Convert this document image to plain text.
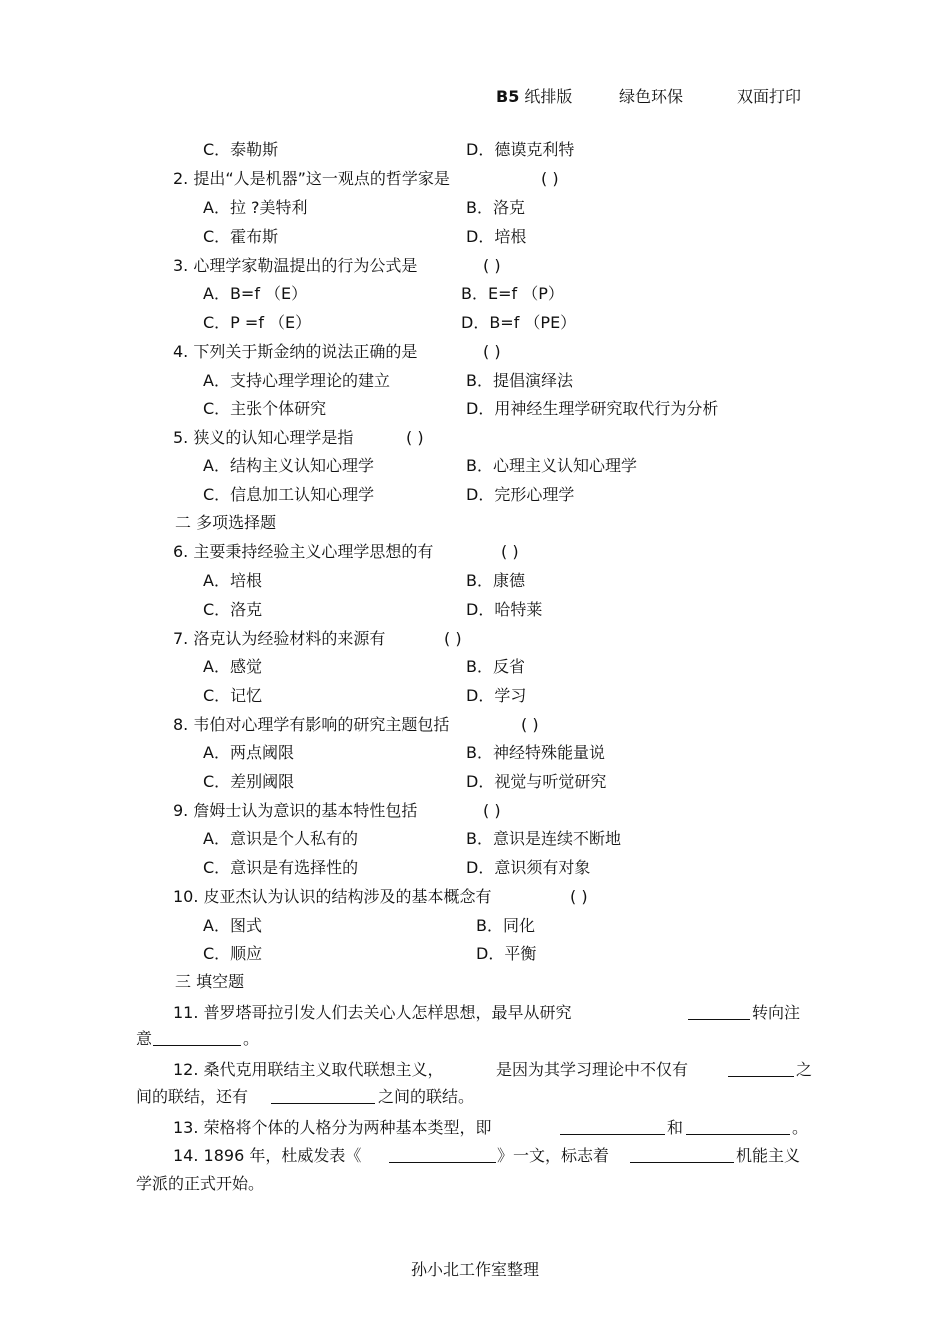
B5 纸排版	绿色环保	双面打印
C．泰勒斯	D．德谟克利特
2. 提出“人是机器”这一观点的哲学家是	( )
A．拉 ?美特利	B．洛克
C．霍布斯	D．培根
3. 心理学家勒温提出的行为公式是	( )
A．B=f （E）	B．E=f （P）
C．P =f （E）	D．B=f （PE）
4. 下列关于斯金纳的说法正确的是	( )
A．支持心理学理论的建立	B．提倡演绎法
C．主张个体研究	D．用神经生理学研究取代行为分析
5. 狭义的认知心理学是指	( )
A．结构主义认知心理学	B．心理主义认知心理学
C．信息加工认知心理学	D．完形心理学
二 多项选择题
6. 主要秉持经验主义心理学思想的有	( )
A．培根	B．康德
C．洛克	D．哈特莱
7. 洛克认为经验材料的来源有	( )
A．感觉	B．反省
C．记忆	D．学习
8. 韦伯对心理学有影响的研究主题包括	( )
A．两点阈限	B．神经特殊能量说
C．差别阈限	D．视觉与听觉研究
9. 詹姆士认为意识的基本特性包括	( )
A．意识是个人私有的	B．意识是连续不断地
C．意识是有选择性的	D．意识须有对象
10. 皮亚杰认为认识的结构涉及的基本概念有	( )
A．图式	B．同化
C．顺应	D．平衡
三 填空题
11. 普罗塔哥拉引发人们去关心人怎样思想，最早从研究	转向注
意	。
12. 桑代克用联结主义取代联想主义，	是因为其学习理论中不仅有	之
间的联结，还有	之间的联结。
13. 荣格将个体的人格分为两种基本类型，即	和	。
14. 1896 年，杜威发表《	》一文，标志着	机能主义
学派的正式开始。
孙小北工作室整理
